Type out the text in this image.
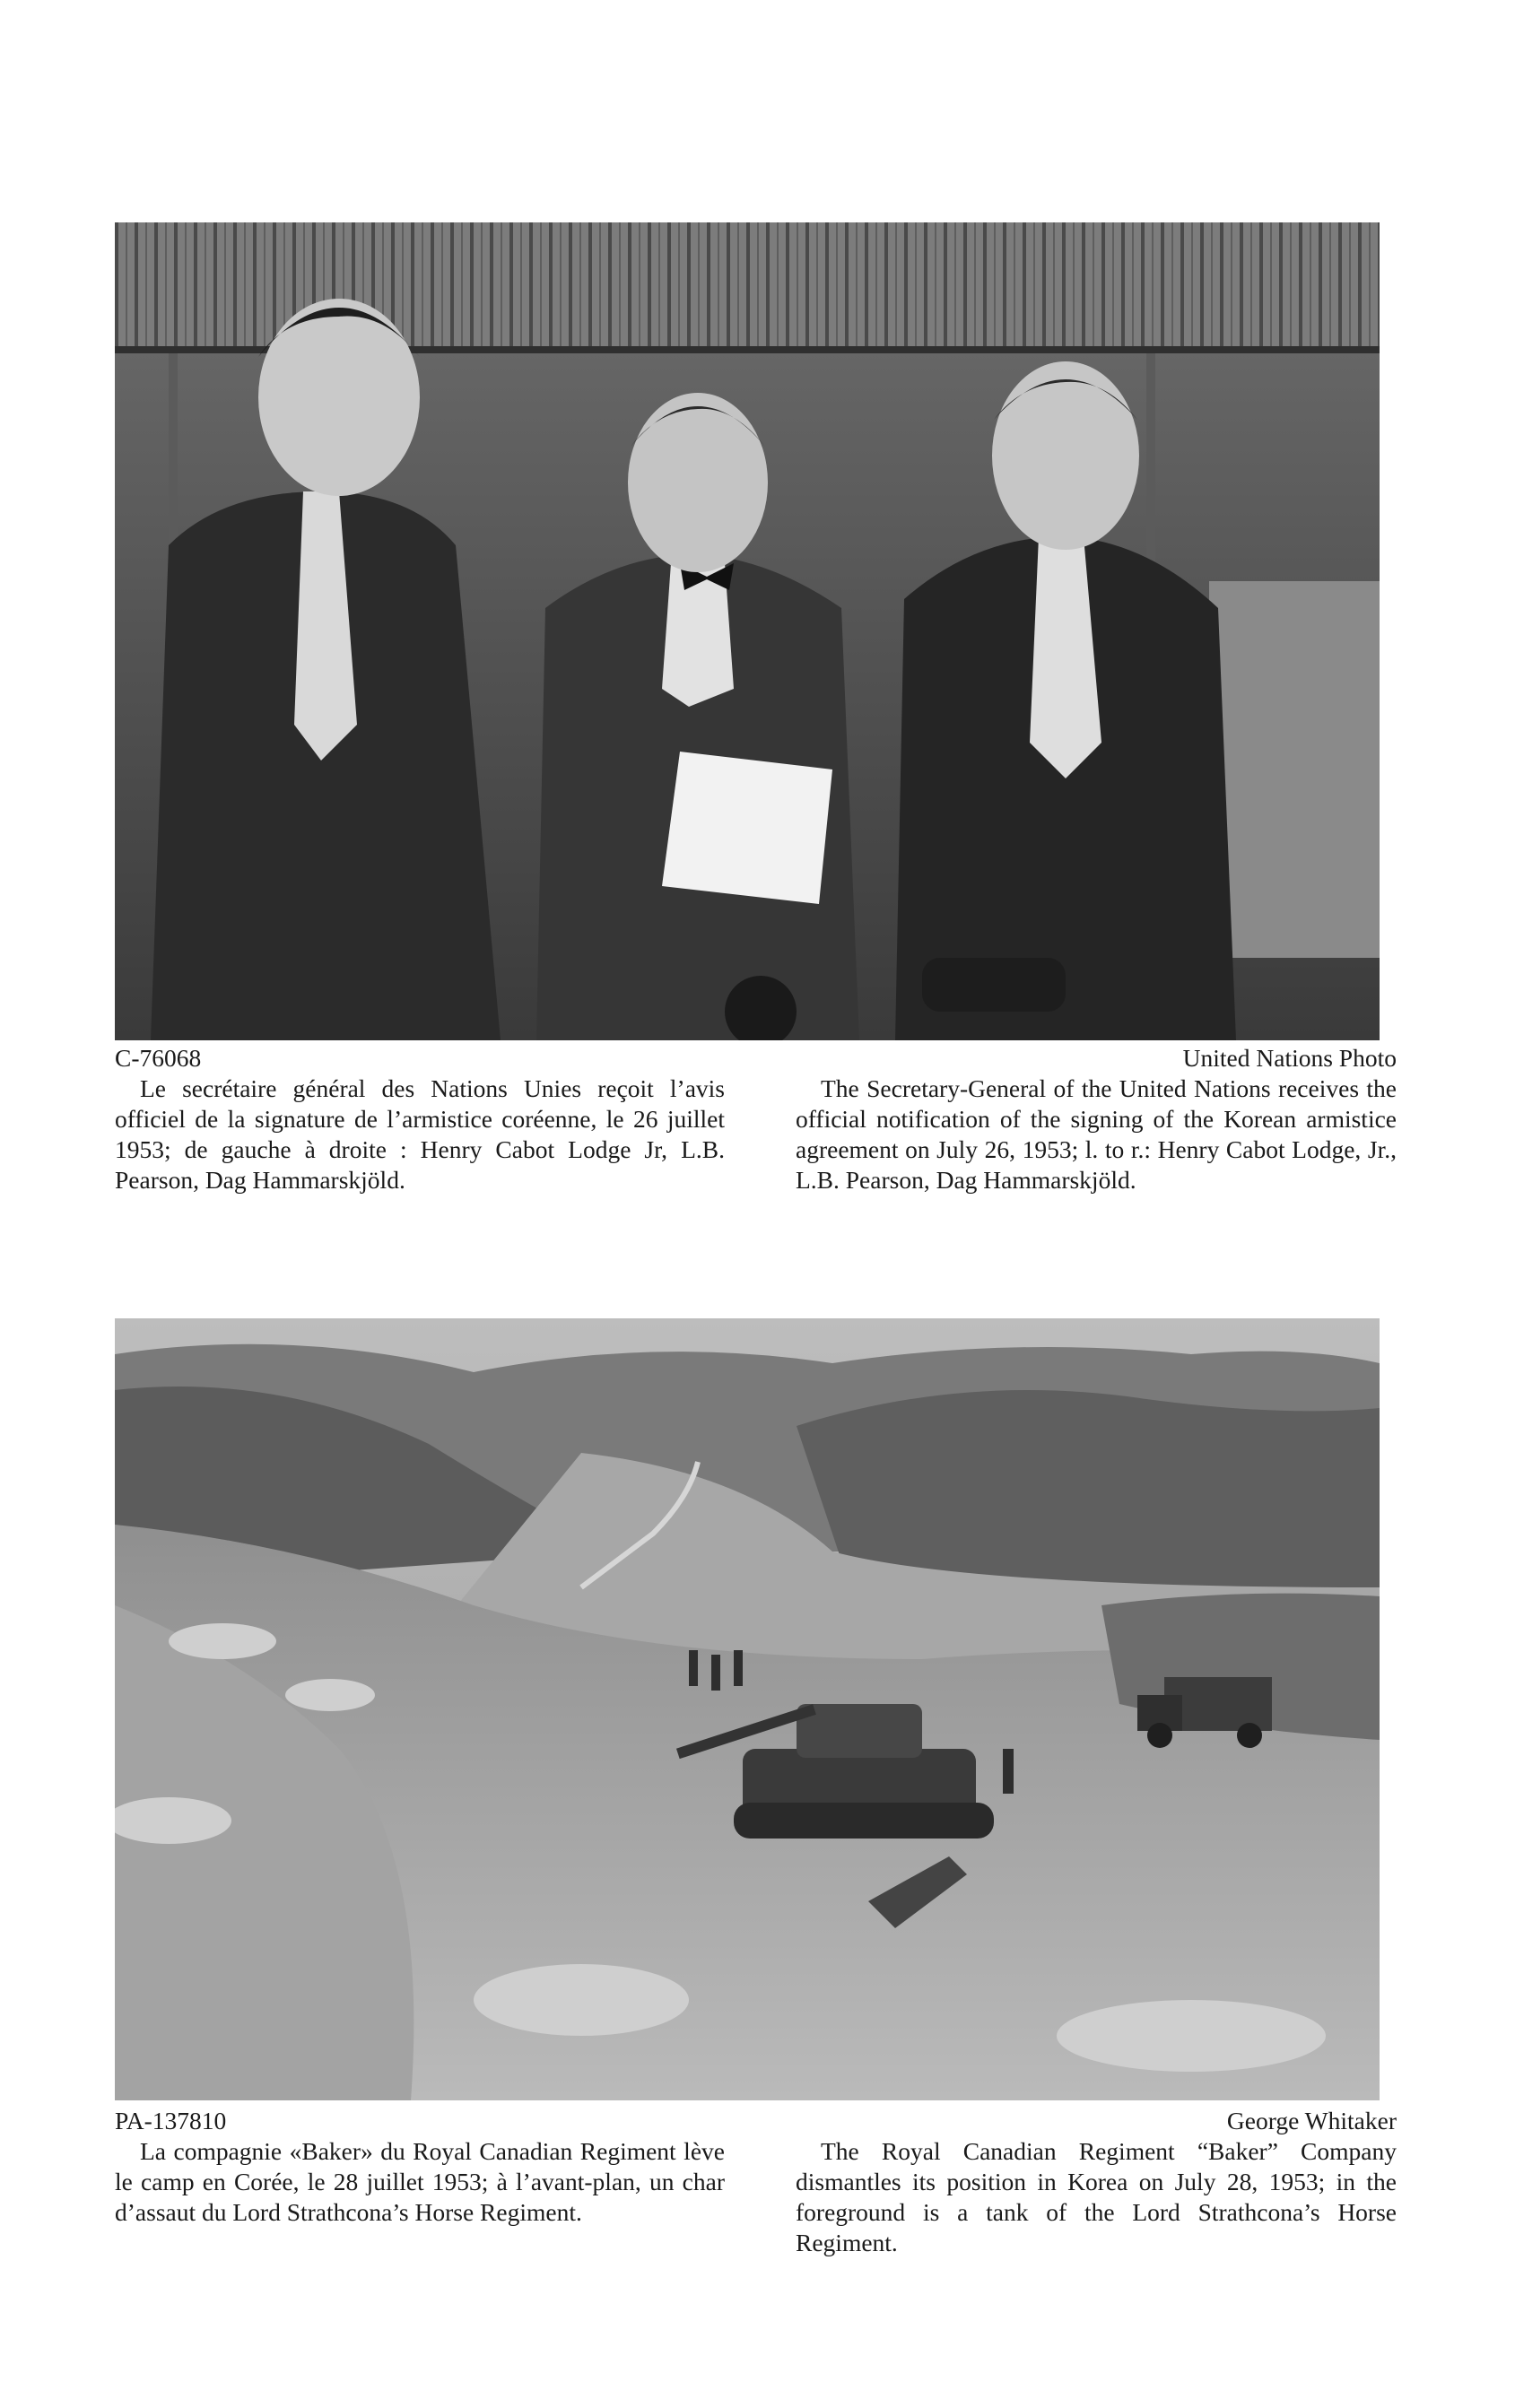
C-76068
Le secrétaire général des Nations Unies reçoit l’avis officiel de la signature de l’armistice coréenne, le 26 juillet 1953; de gauche à droite : Henry Cabot Lodge Jr, L.B. Pearson, Dag Hammarskjöld.
United Nations Photo
The Secretary-General of the United Nations receives the official notification of the signing of the Korean armistice agreement on July 26, 1953; l. to r.: Henry Cabot Lodge, Jr., L.B. Pearson, Dag Hammarskjöld.
PA-137810
La compagnie «Baker» du Royal Canadian Regiment lève le camp en Corée, le 28 juillet 1953; à l’avant-plan, un char d’assaut du Lord Strathcona’s Horse Regiment.
George Whitaker
The Royal Canadian Regiment “Baker” Company dismantles its position in Korea on July 28, 1953; in the foreground is a tank of the Lord Strathcona’s Horse Regiment.
